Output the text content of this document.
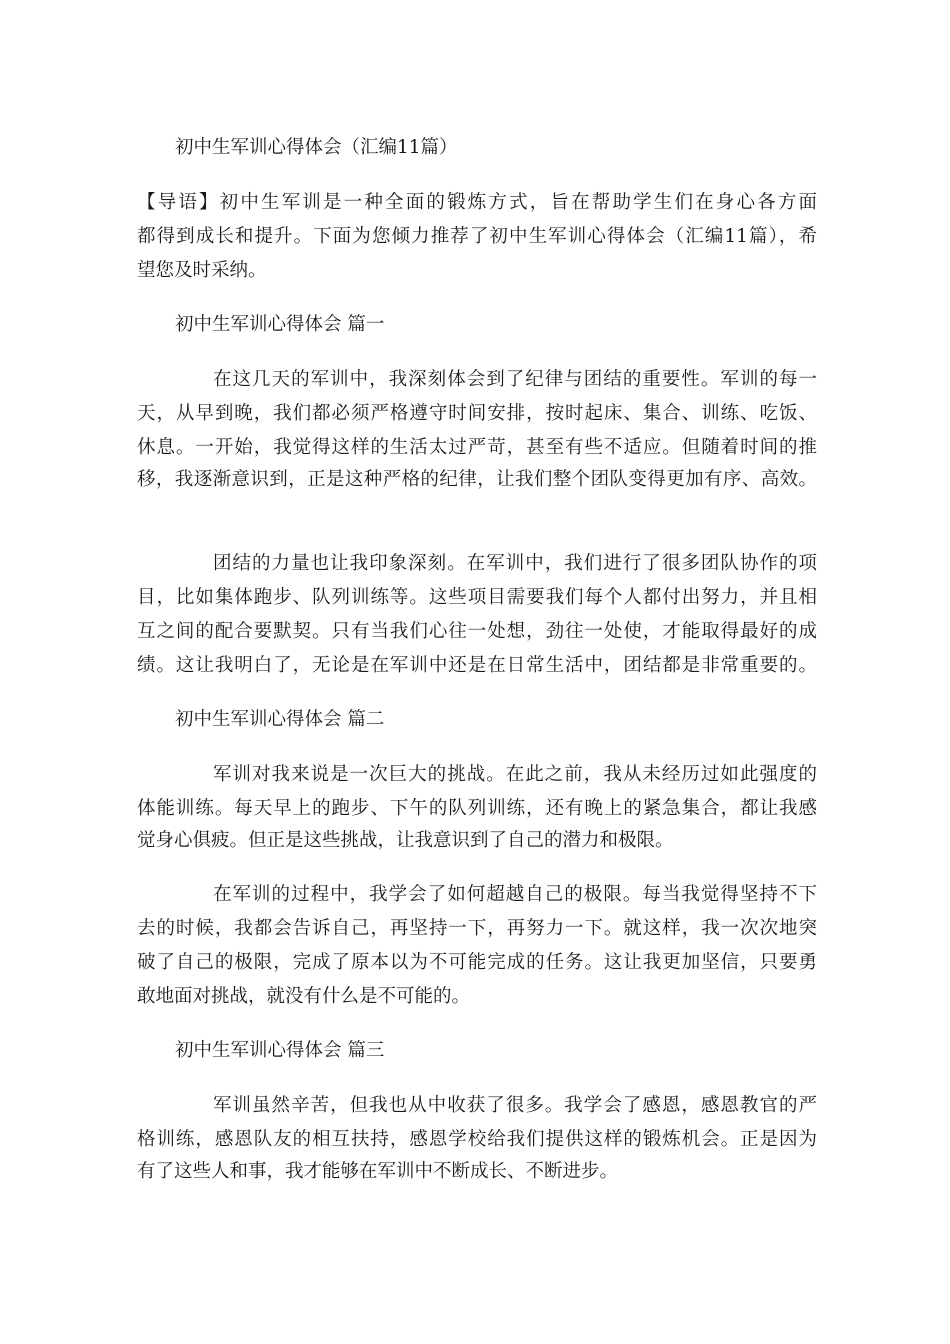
初中生军训心得体会（汇编11篇）
【导语】初中生军训是一种全面的锻炼方式，旨在帮助学生们在身心各方面
都得到成长和提升。下面为您倾力推荐了初中生军训心得体会（汇编11篇），希
望您及时采纳。
初中生军训心得体会 篇一
在这几天的军训中，我深刻体会到了纪律与团结的重要性。军训的每一
天，从早到晚，我们都必须严格遵守时间安排，按时起床、集合、训练、吃饭、
休息。一开始，我觉得这样的生活太过严苛，甚至有些不适应。但随着时间的推
移，我逐渐意识到，正是这种严格的纪律，让我们整个团队变得更加有序、高效。
团结的力量也让我印象深刻。在军训中，我们进行了很多团队协作的项
目，比如集体跑步、队列训练等。这些项目需要我们每个人都付出努力，并且相
互之间的配合要默契。只有当我们心往一处想，劲往一处使，才能取得最好的成
绩。这让我明白了，无论是在军训中还是在日常生活中，团结都是非常重要的。
初中生军训心得体会 篇二
军训对我来说是一次巨大的挑战。在此之前，我从未经历过如此强度的
体能训练。每天早上的跑步、下午的队列训练，还有晚上的紧急集合，都让我感
觉身心俱疲。但正是这些挑战，让我意识到了自己的潜力和极限。
在军训的过程中，我学会了如何超越自己的极限。每当我觉得坚持不下
去的时候，我都会告诉自己，再坚持一下，再努力一下。就这样，我一次次地突
破了自己的极限，完成了原本以为不可能完成的任务。这让我更加坚信，只要勇
敢地面对挑战，就没有什么是不可能的。
初中生军训心得体会 篇三
军训虽然辛苦，但我也从中收获了很多。我学会了感恩，感恩教官的严
格训练，感恩队友的相互扶持，感恩学校给我们提供这样的锻炼机会。正是因为
有了这些人和事，我才能够在军训中不断成长、不断进步。
